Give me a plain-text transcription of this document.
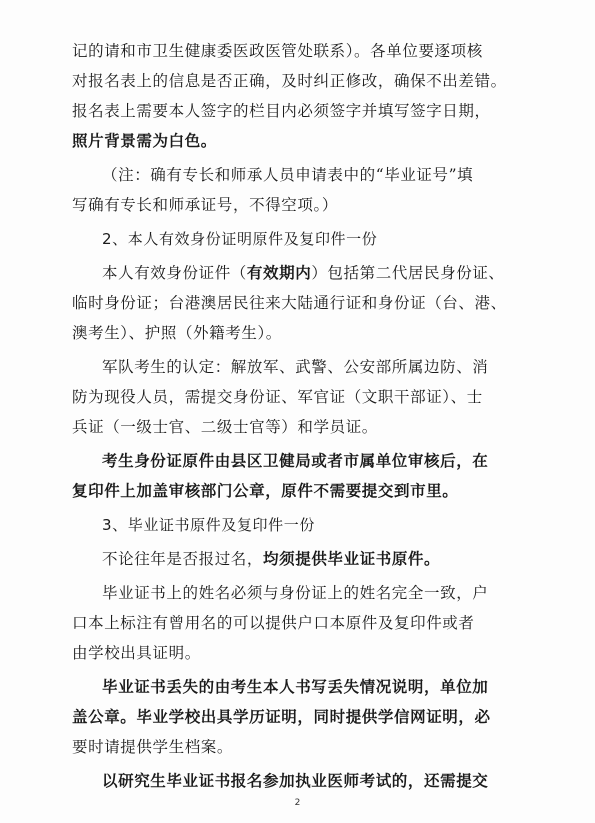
记的请和市卫生健康委医政医管处联系）。各单位要逐项核
对报名表上的信息是否正确，及时纠正修改，确保不出差错。
报名表上需要本人签字的栏目内必须签字并填写签字日期，
照片背景需为白色。
（注：确有专长和师承人员申请表中的“毕业证号”填
写确有专长和师承证号，不得空项。）
2、本人有效身份证明原件及复印件一份
本人有效身份证件（有效期内）包括第二代居民身份证、
临时身份证；台港澳居民往来大陆通行证和身份证（台、港、
澳考生）、护照（外籍考生）。
军队考生的认定：解放军、武警、公安部所属边防、消
防为现役人员，需提交身份证、军官证（文职干部证）、士
兵证（一级士官、二级士官等）和学员证。
考生身份证原件由县区卫健局或者市属单位审核后，在
复印件上加盖审核部门公章，原件不需要提交到市里。
3、毕业证书原件及复印件一份
不论往年是否报过名，均须提供毕业证书原件。
毕业证书上的姓名必须与身份证上的姓名完全一致，户
口本上标注有曾用名的可以提供户口本原件及复印件或者
由学校出具证明。
毕业证书丢失的由考生本人书写丢失情况说明，单位加
盖公章。毕业学校出具学历证明，同时提供学信网证明，必
要时请提供学生档案。
以研究生毕业证书报名参加执业医师考试的，还需提交
2
